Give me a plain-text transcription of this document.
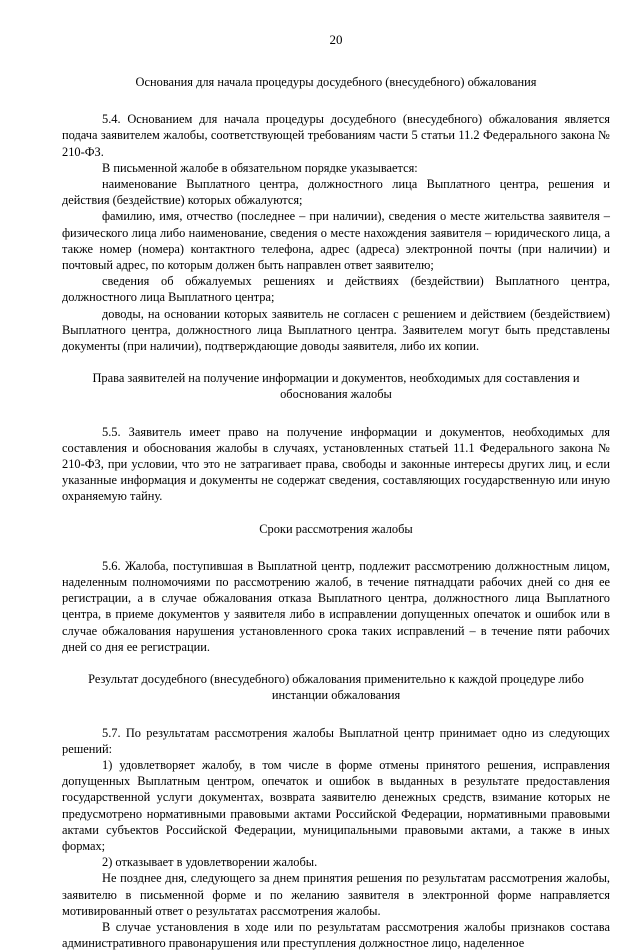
20

Основания для начала процедуры досудебного (внесудебного) обжалования

5.4. Основанием для начала процедуры досудебного (внесудебного) обжалования является подача заявителем жалобы, соответствующей требованиям части 5 статьи 11.2 Федерального закона № 210-ФЗ.

В письменной жалобе в обязательном порядке указывается:

наименование Выплатного центра, должностного лица Выплатного центра, решения и действия (бездействие) которых обжалуются;

фамилию, имя, отчество (последнее – при наличии), сведения о месте жительства заявителя – физического лица либо наименование, сведения о месте нахождения заявителя – юридического лица, а также номер (номера) контактного телефона, адрес (адреса) электронной почты (при наличии) и почтовый адрес, по которым должен быть направлен ответ заявителю;

сведения об обжалуемых решениях и действиях (бездействии) Выплатного центра, должностного лица Выплатного центра;

доводы, на основании которых заявитель не согласен с решением и действием (бездействием) Выплатного центра, должностного лица Выплатного центра. Заявителем могут быть представлены документы (при наличии), подтверждающие доводы заявителя, либо их копии.

Права заявителей на получение информации и документов, необходимых для составления и обоснования жалобы

5.5. Заявитель имеет право на получение информации и документов, необходимых для составления и обоснования жалобы в случаях, установленных статьей 11.1 Федерального закона № 210-ФЗ, при условии, что это не затрагивает права, свободы и законные интересы других лиц, и если указанные информация и документы не содержат сведения, составляющих государственную или иную охраняемую тайну.

Сроки рассмотрения жалобы

5.6. Жалоба, поступившая в Выплатной центр, подлежит рассмотрению должностным лицом, наделенным полномочиями по рассмотрению жалоб, в течение пятнадцати рабочих дней со дня ее регистрации, а в случае обжалования отказа Выплатного центра, должностного лица Выплатного центра, в приеме документов у заявителя либо в исправлении допущенных опечаток и ошибок или в случае обжалования нарушения установленного срока таких исправлений – в течение пяти рабочих дней со дня ее регистрации.

Результат досудебного (внесудебного) обжалования применительно к каждой процедуре либо инстанции обжалования

5.7. По результатам рассмотрения жалобы Выплатной центр принимает одно из следующих решений:

1) удовлетворяет жалобу, в том числе в форме отмены принятого решения, исправления допущенных Выплатным центром, опечаток и ошибок в выданных в результате предоставления государственной услуги документах, возврата заявителю денежных средств, взимание которых не предусмотрено нормативными правовыми актами Российской Федерации, нормативными правовыми актами субъектов Российской Федерации, муниципальными правовыми актами, а также в иных формах;

2) отказывает в удовлетворении жалобы.

Не позднее дня, следующего за днем принятия решения по результатам рассмотрения жалобы, заявителю в письменной форме и по желанию заявителя в электронной форме направляется мотивированный ответ о результатах рассмотрения жалобы.

В случае установления в ходе или по результатам рассмотрения жалобы признаков состава административного правонарушения или преступления должностное лицо, наделенное
